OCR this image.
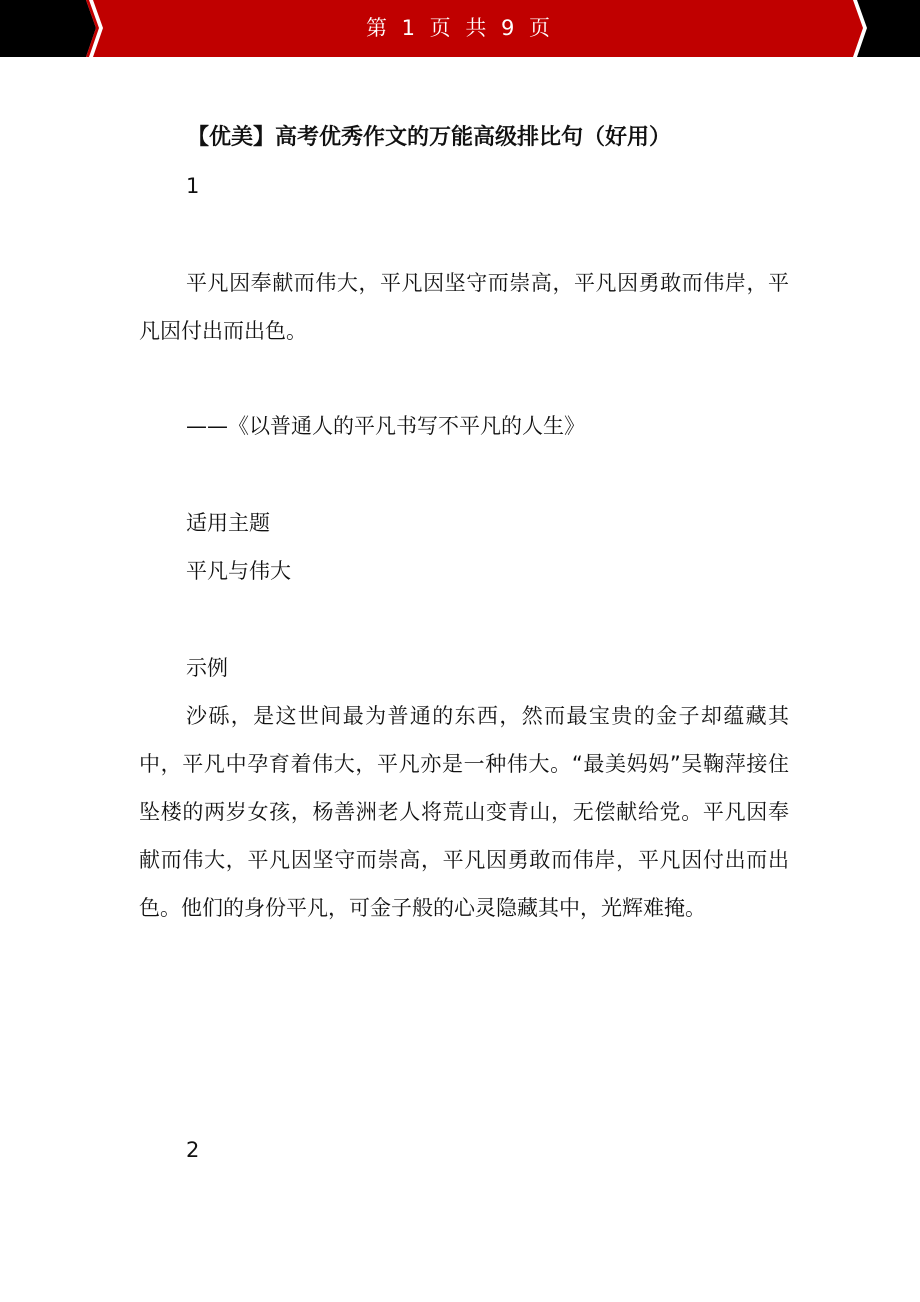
第 1 页 共 9 页
【优美】高考优秀作文的万能高级排比句（好用）
1
平凡因奉献而伟大，平凡因坚守而崇高，平凡因勇敢而伟岸，平凡因付出而出色。
——《以普通人的平凡书写不平凡的人生》
适用主题
平凡与伟大
示例
沙砾，是这世间最为普通的东西，然而最宝贵的金子却蕴藏其中，平凡中孕育着伟大，平凡亦是一种伟大。“最美妈妈”吴鞠萍接住坠楼的两岁女孩，杨善洲老人将荒山变青山，无偿献给党。平凡因奉献而伟大，平凡因坚守而崇高，平凡因勇敢而伟岸，平凡因付出而出色。他们的身份平凡，可金子般的心灵隐藏其中，光辉难掩。
2
